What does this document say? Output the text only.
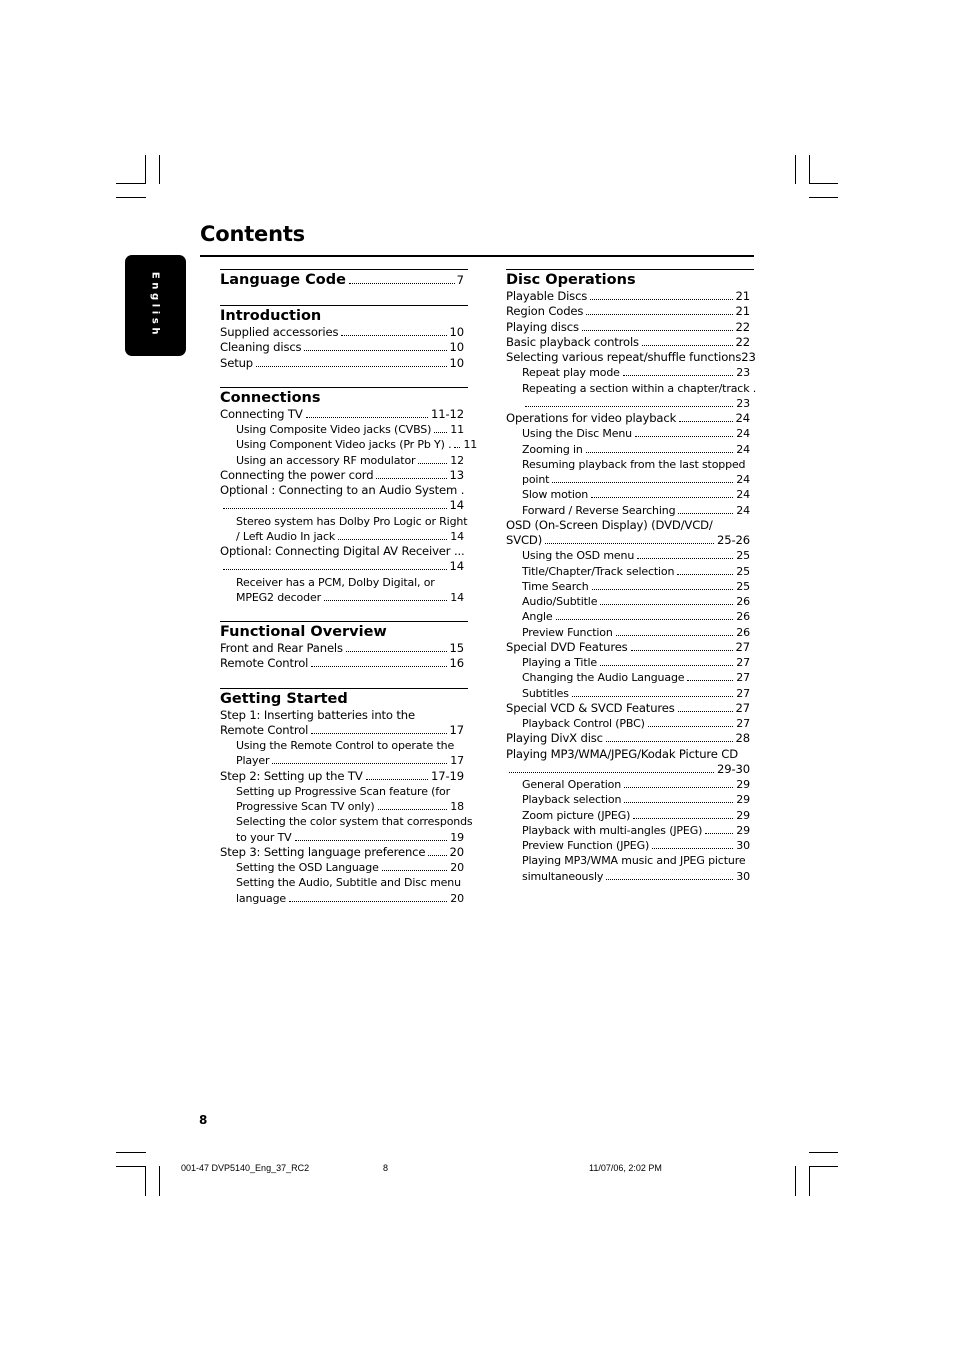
English
Contents
Language Code	7
Introduction
Supplied accessories	10
Cleaning discs	10
Setup	10
Connections
Connecting TV	11-12
Using Composite Video jacks (CVBS) 11
Using Component Video jacks (Pr Pb Y) . 11
Using an accessory RF modulator	12
Connecting the power cord	13
Optional : Connecting to an Audio System .
14
Stereo system has Dolby Pro Logic or Right
/ Left Audio In jack	14
Optional: Connecting Digital AV Receiver ...
14
Receiver has a PCM, Dolby Digital, or
MPEG2 decoder	14
Functional Overview
Front and Rear Panels	15
Remote Control	16
Getting Started
Step 1: Inserting batteries into the
Remote Control	17
Using the Remote Control to operate the
Player	17
Step 2: Setting up the TV	17-19
Setting up Progressive Scan feature (for
Progressive Scan TV only)	18
Selecting the color system that corresponds
to your TV	19
Step 3: Setting language preference 20
Setting the OSD Language	20
Setting the Audio, Subtitle and Disc menu
language	20
Disc Operations
Playable Discs	21
Region Codes	21
Playing discs	22
Basic playback controls	22
Selecting various repeat/shuffle functions 23
Repeat play mode	23
Repeating a section within a chapter/track .
23
Operations for video playback	24
Using the Disc Menu	24
Zooming in	24
Resuming playback from the last stopped
point	24
Slow motion	24
Forward / Reverse Searching	24
OSD (On-Screen Display) (DVD/VCD/
SVCD)	25-26
Using the OSD menu	25
Title/Chapter/Track selection	25
Time Search	25
Audio/Subtitle	26
Angle	26
Preview Function	26
Special DVD Features	27
Playing a Title	27
Changing the Audio Language	27
Subtitles	27
Special VCD & SVCD Features	27
Playback Control (PBC)	27
Playing DivX disc	28
Playing MP3/WMA/JPEG/Kodak Picture CD
29-30
General Operation	29
Playback selection	29
Zoom picture (JPEG)	29
Playback with multi-angles (JPEG)	29
Preview Function (JPEG)	30
Playing MP3/WMA music and JPEG picture
simultaneously	30
8
001-47 DVP5140_Eng_37_RC2	8	11/07/06, 2:02 PM
